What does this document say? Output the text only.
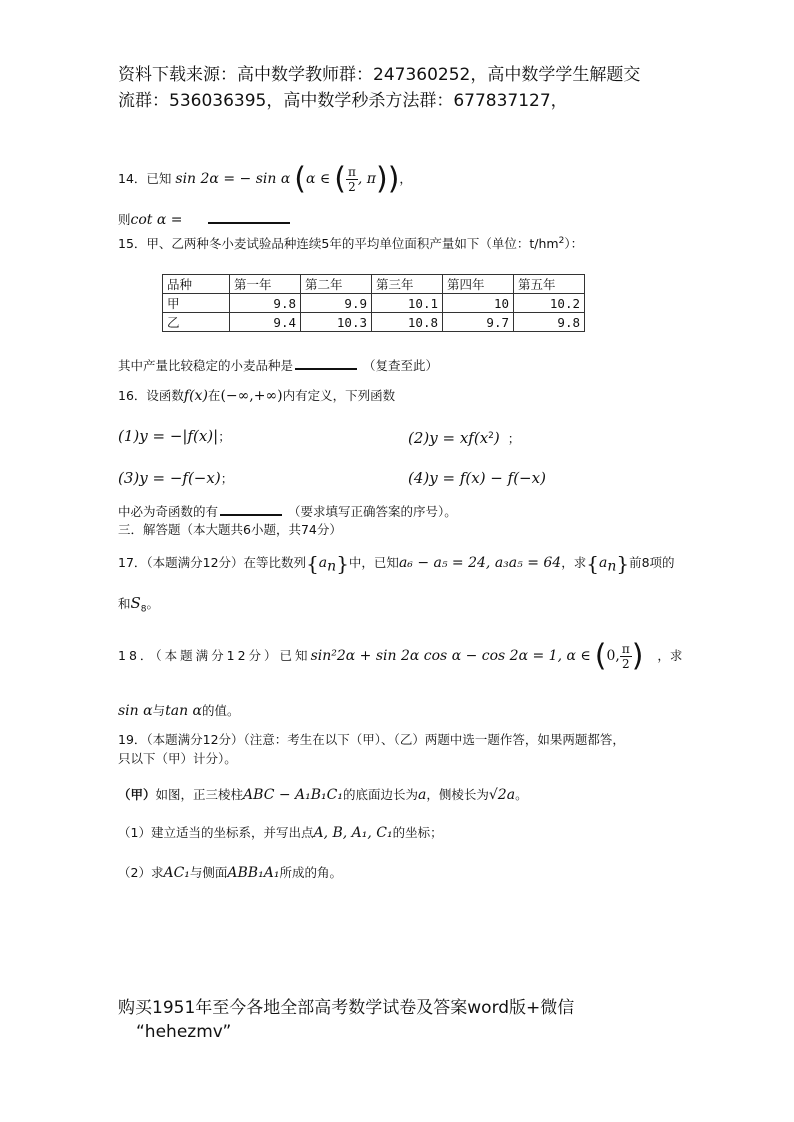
资料下载来源：高中数学教师群：247360252，高中数学学生解题交
流群：536036395，高中数学秒杀方法群：677837127，
14．已知 sin 2α = − sin α (α ∈ ( $\frac{\pi}{2}$ , π))，
则cot α =
15．甲、乙两种冬小麦试验品种连续5年的平均单位面积产量如下（单位：$t/hm^2$）：
品种	第一年	第二年	第三年	第四年	第五年
甲	9.8	9.9	10.1	10	10.2
乙	9.4	10.3	10.8	9.7	9.8
其中产量比较稳定的小麦品种是	（复查至此）
16．设函数f(x)在(−∞,+∞)内有定义，下列函数
(1)y = −|f(x)|；	$(2)y = xf(x^2)$ ；
(3)y = −f(−x)；	(4)y = f(x) − f(−x)
中必为奇函数的有	（要求填写正确答案的序号）。
三．解答题（本大题共6小题，共74分）
17．（本题满分12分）在等比数列$\{a_n\}$中，已知a₆ − a₅ = 24, a₃a₅ = 64，求$\{a_n\}$前8项的
和$S_8$。
18．（本题满分12分）已知sin²2α + sin 2α cos α − cos 2α = 1, α ∈ (0, $\frac{\pi}{2}$ ) ，求
sin α与tan α的值。
19．（本题满分12分）（注意：考生在以下（甲）、（乙）两题中选一题作答，如果两题都答，
只以下（甲）计分）。
（甲）如图，正三棱柱ABC − A₁B₁C₁的底面边长为a，侧棱长为√2a。
（1）建立适当的坐标系，并写出点A, B, A₁, C₁的坐标；
（2）求AC₁与侧面ABB₁A₁所成的角。
购买1951年至今各地全部高考数学试卷及答案word版+微信
“hehezmv”
